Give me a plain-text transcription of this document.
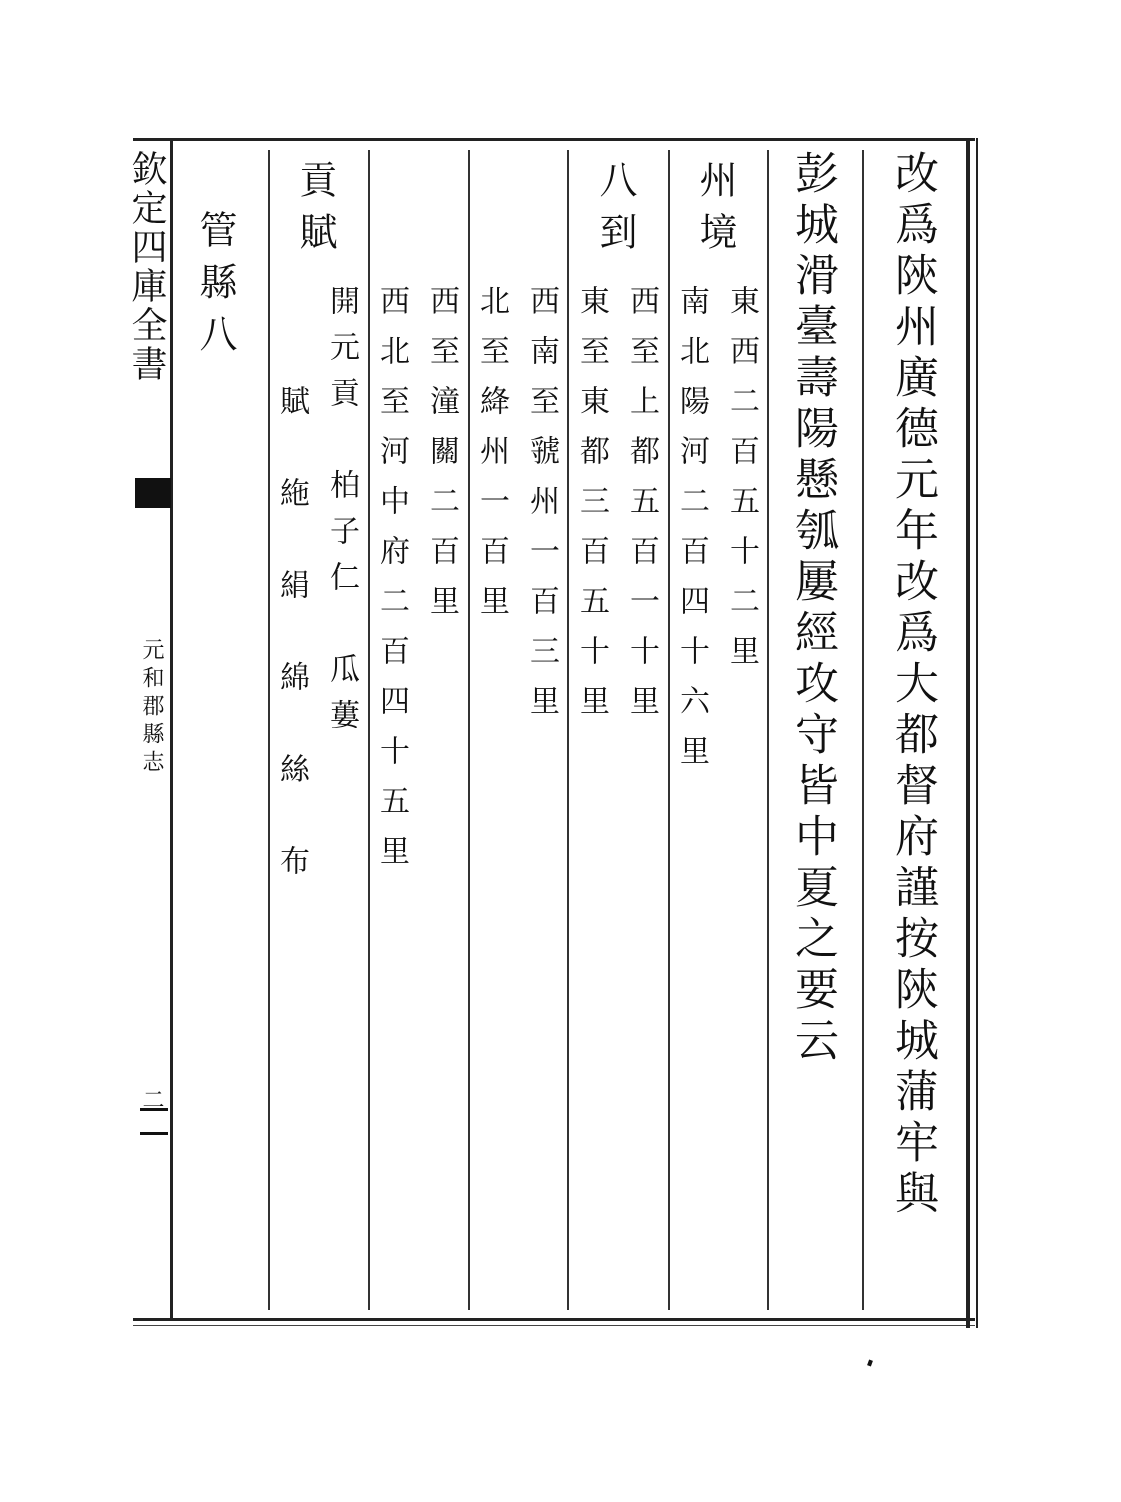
欽定四庫全書
元和郡縣志
二	改爲陝州廣德元年改爲大都督府謹按陝城蒲牢與
彭城滑臺壽陽懸瓠屢經攻守皆中夏之要云
州境
東西二百五十二里
南北陽河二百四十六里
八到
西至上都五百一十里
東至東都三百五十里
西南至虢州一百三里
北至絳州一百里
西至潼關二百里
西北至河中府二百四十五里
貢賦
開元貢　柏子仁　瓜蔞
賦　絁　絹　綿　絲　布
管縣八
